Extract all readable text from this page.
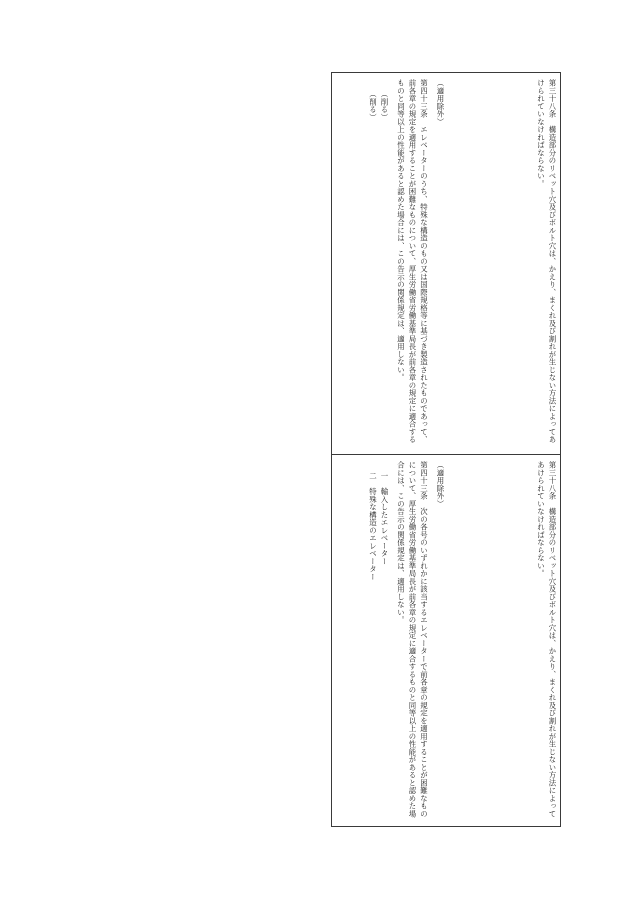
第三十八条　構造部分のリベット穴及びボルト穴は、かえり、まくれ及び割れが生じない方法によってあけられていなければならない。
（適用除外）
第四十三条　エレベーターのうち、特殊な構造のもの又は国際規格等に基づき製造されたものであって、前各章の規定を適用することが困難なものについて、厚生労働省労働基準局長が前各章の規定に適合するものと同等以上の性能があると認めた場合には、この告示の関係規定は、適用しない。
（削る）
（削る）
第三十八条　構造部分のリベット穴及びボルト穴は、かえり、まくれ及び割れが生じない方法によってあけられていなければならない。
（適用除外）
第四十三条　次の各号のいずれかに該当するエレベーターで前各章の規定を適用することが困難なものについて、厚生労働省労働基準局長が前各章の規定に適合するものと同等以上の性能があると認めた場合には、この告示の関係規定は、適用しない。
一　輸入したエレベーター
二　特殊な構造のエレベーター
